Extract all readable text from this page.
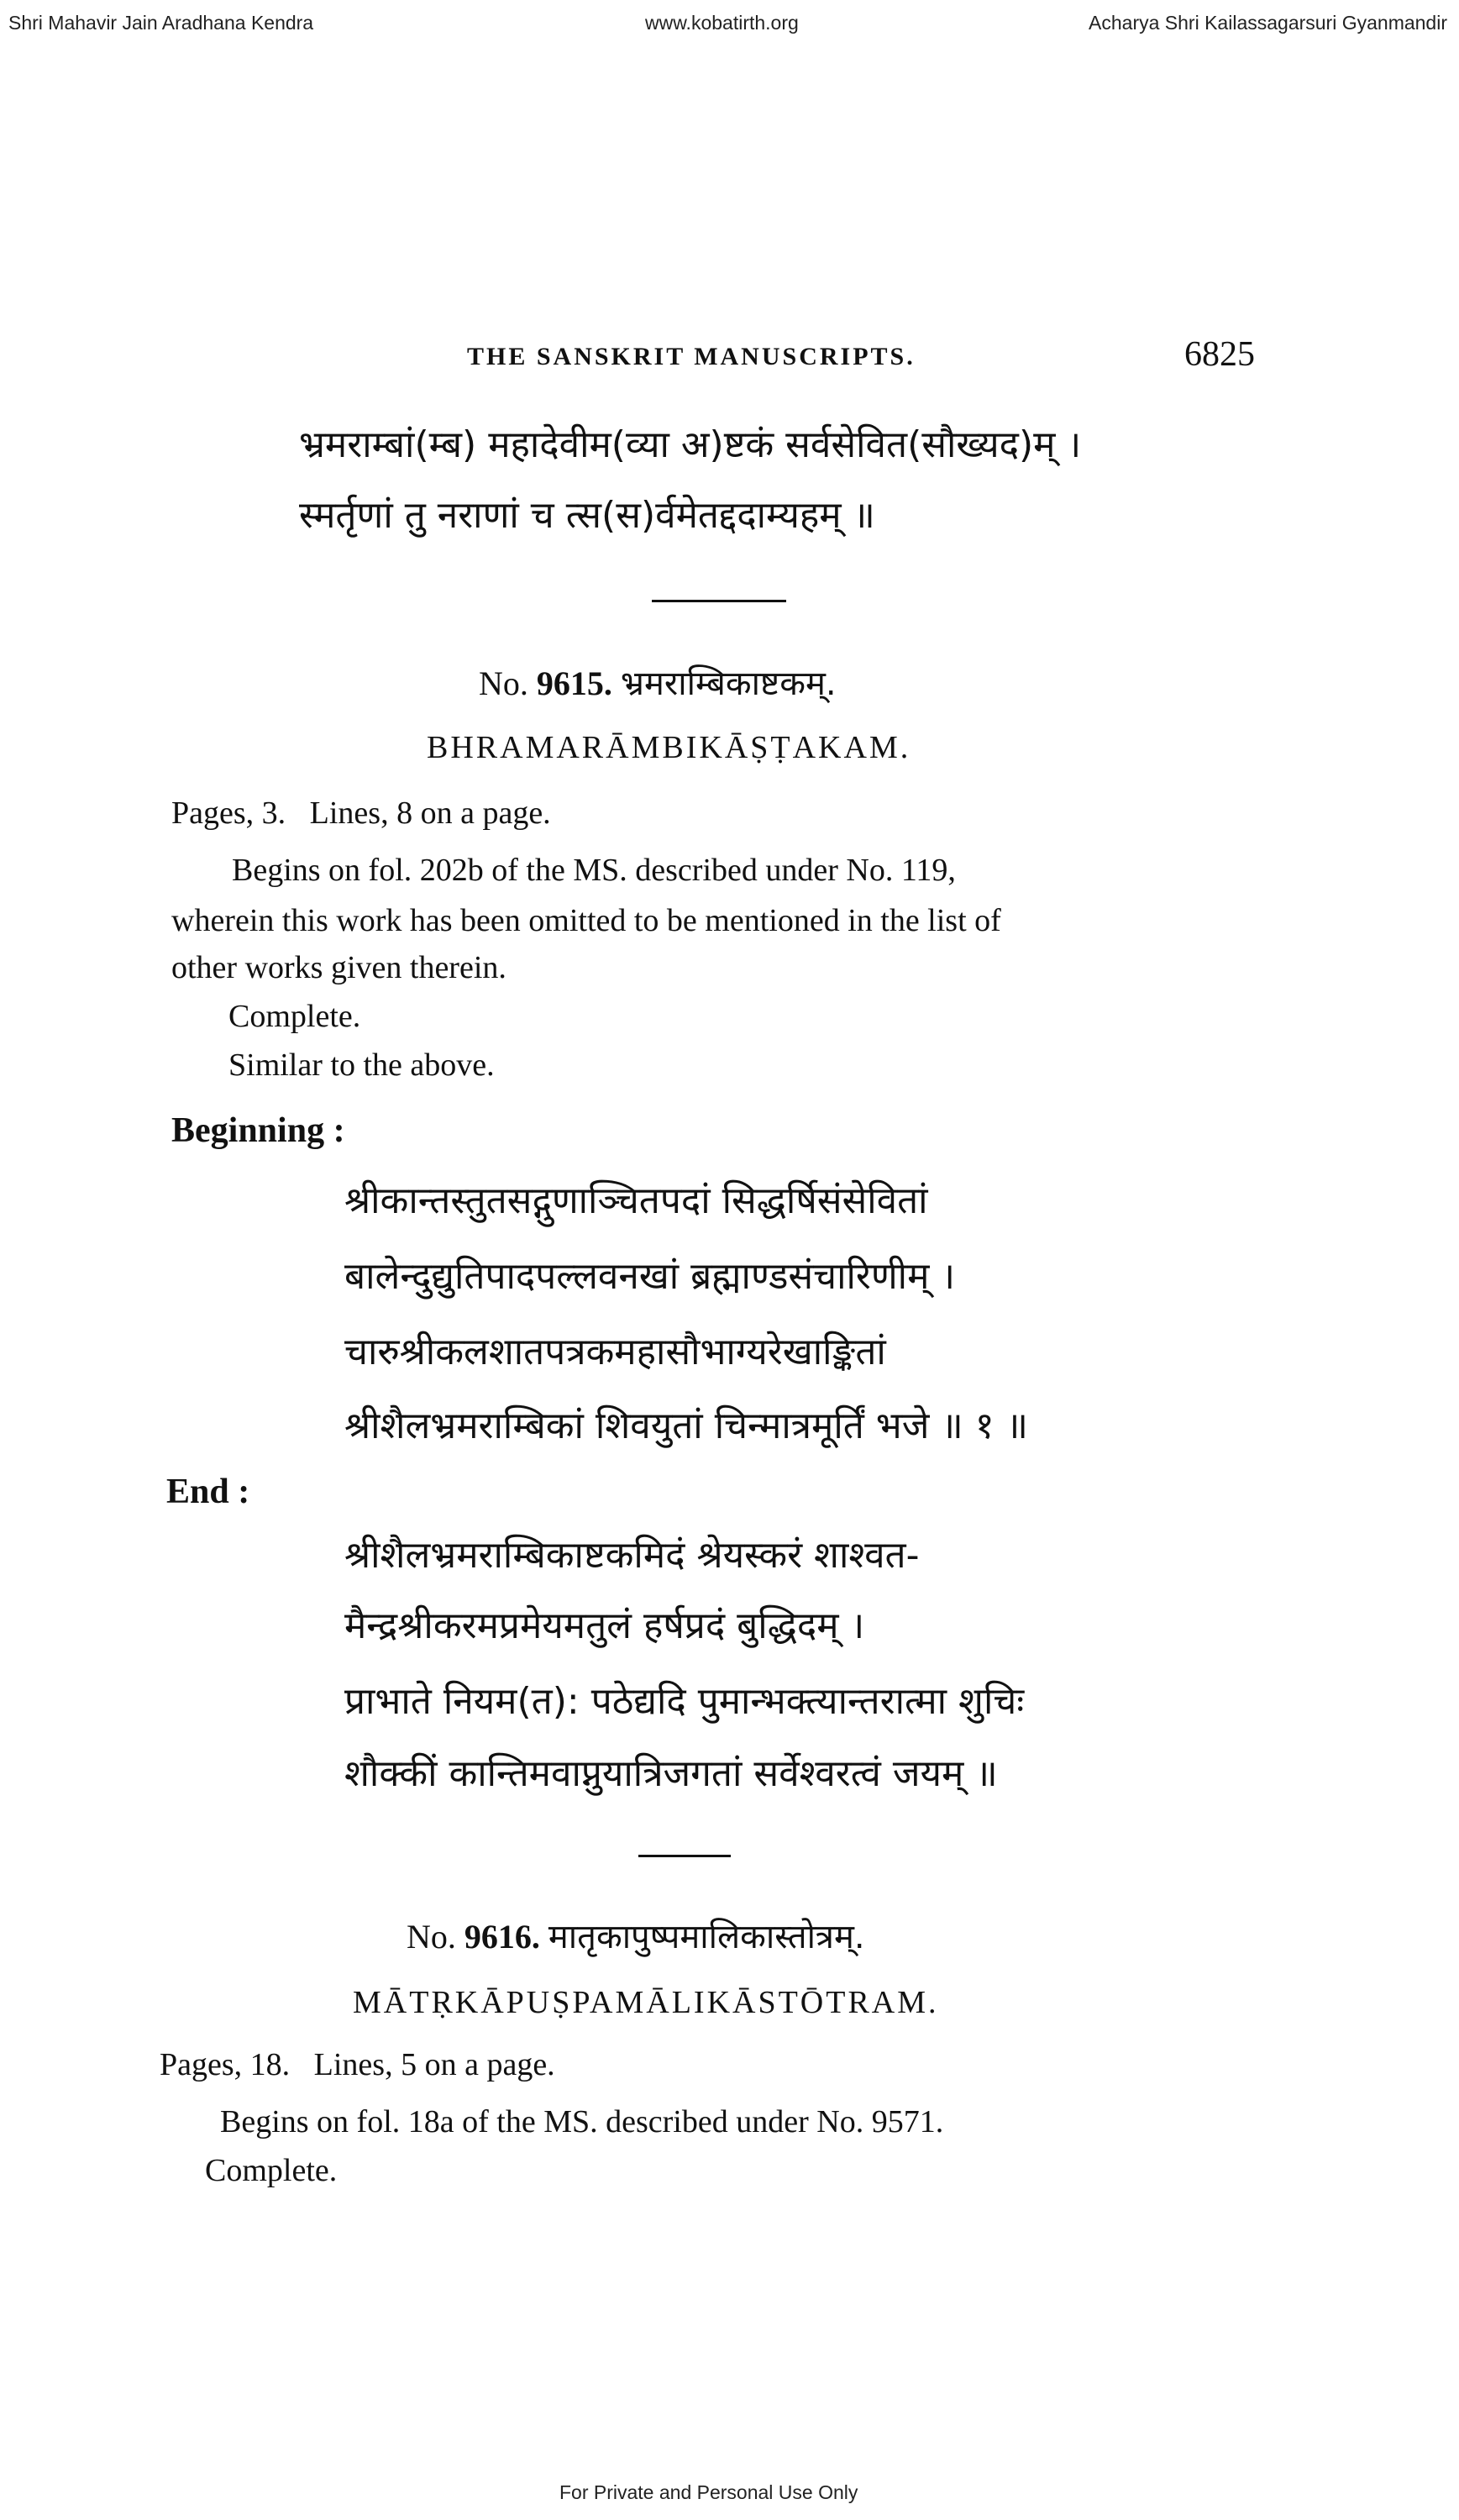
Shri Mahavir Jain Aradhana Kendra	www.kobatirth.org	Acharya Shri Kailassagarsuri Gyanmandir
THE SANSKRIT MANUSCRIPTS.	6825
भ्रमराम्बां(म्ब) महादेवीम(व्या अ)ष्टकं सर्वसेवित(सौख्यद)म् ।
स्मर्तृणां तु नराणां च त्स(स)र्वमेतद्ददाम्यहम् ॥
No. 9615. भ्रमराम्बिकाष्टकम्.
BHRAMARĀMBIKĀṢṬAKAM.
Pages, 3. Lines, 8 on a page.
Begins on fol. 202b of the MS. described under No. 119,
wherein this work has been omitted to be mentioned in the list of
other works given therein.
Complete.
Similar to the above.
Beginning :
श्रीकान्तस्तुतसद्गुणाञ्चितपदां सिद्धर्षिसंसेवितां
बालेन्दुद्युतिपादपल्लवनखां ब्रह्माण्डसंचारिणीम् ।
चारुश्रीकलशातपत्रकमहासौभाग्यरेखाङ्कितां
श्रीशैलभ्रमराम्बिकां शिवयुतां चिन्मात्रमूर्तिं भजे ॥ १ ॥
End :
श्रीशैलभ्रमराम्बिकाष्टकमिदं श्रेयस्करं शाश्वत-
मैन्द्रश्रीकरमप्रमेयमतुलं हर्षप्रदं बुद्धिदम् ।
प्राभाते नियम(त): पठेद्यदि पुमान्भक्त्यान्तरात्मा शुचिः
शौक्कीं कान्तिमवाप्नुयात्रिजगतां सर्वेश्वरत्वं जयम् ॥
No. 9616. मातृकापुष्पमालिकास्तोत्रम्.
MĀTṚKĀPUṢPAMĀLIKĀSTŌTRAM.
Pages, 18. Lines, 5 on a page.
Begins on fol. 18a of the MS. described under No. 9571.
Complete.
For Private and Personal Use Only
